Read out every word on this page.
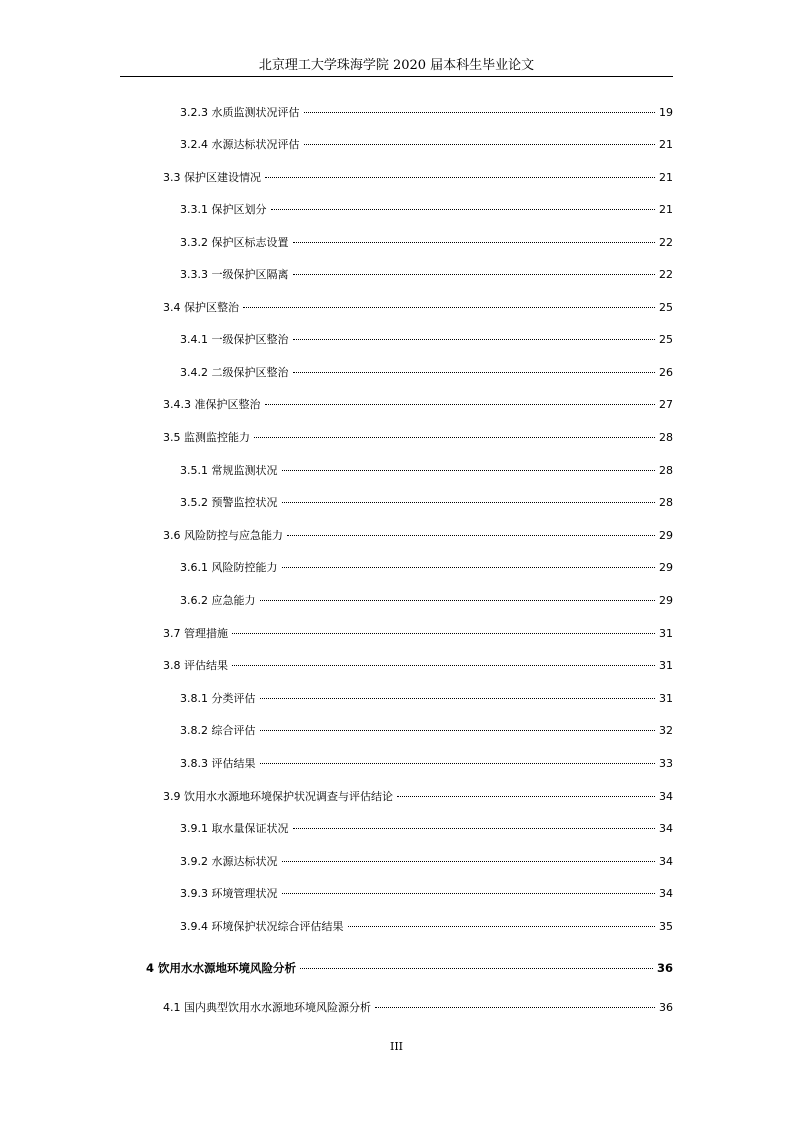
北京理工大学珠海学院 2020 届本科生毕业论文
3.2.3 水质监测状况评估	19
3.2.4 水源达标状况评估	21
3.3 保护区建设情况	21
3.3.1 保护区划分	21
3.3.2 保护区标志设置	22
3.3.3 一级保护区隔离	22
3.4 保护区整治	25
3.4.1 一级保护区整治	25
3.4.2 二级保护区整治	26
3.4.3 准保护区整治	27
3.5 监测监控能力	28
3.5.1 常规监测状况	28
3.5.2 预警监控状况	28
3.6 风险防控与应急能力	29
3.6.1 风险防控能力	29
3.6.2 应急能力	29
3.7 管理措施	31
3.8 评估结果	31
3.8.1 分类评估	31
3.8.2 综合评估	32
3.8.3 评估结果	33
3.9 饮用水水源地环境保护状况调查与评估结论	34
3.9.1 取水量保证状况	34
3.9.2 水源达标状况	34
3.9.3 环境管理状况	34
3.9.4 环境保护状况综合评估结果	35
4 饮用水水源地环境风险分析	36
4.1 国内典型饮用水水源地环境风险源分析	36
III
